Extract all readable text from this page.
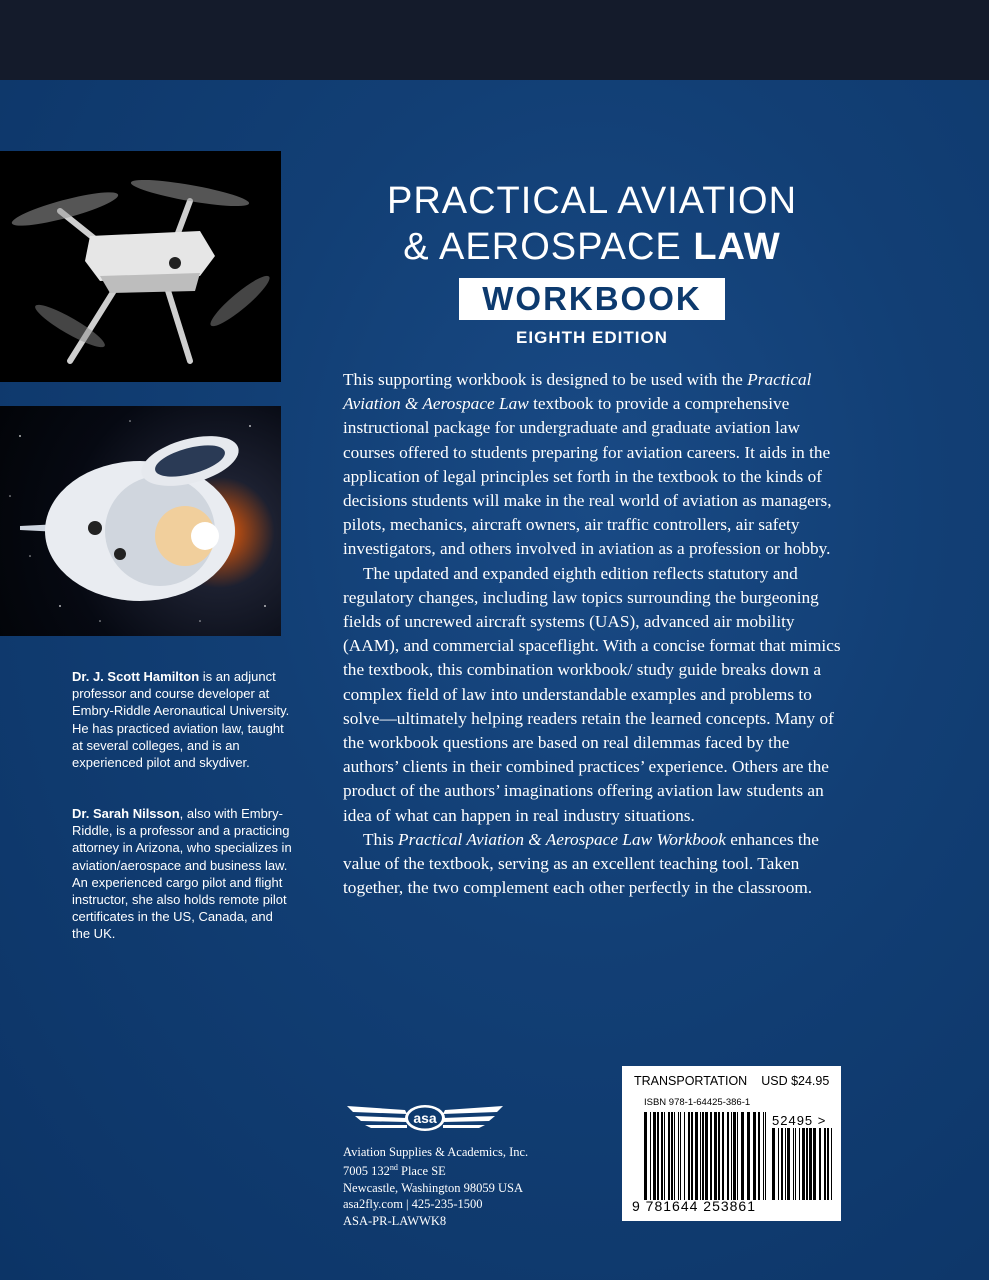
PRACTICAL AVIATION
& AEROSPACE LAW
WORKBOOK
EIGHTH EDITION

This supporting workbook is designed to be used with the Practical Aviation & Aerospace Law textbook to provide a comprehensive instructional package for undergraduate and graduate aviation law courses offered to students preparing for aviation careers. It aids in the application of legal principles set forth in the textbook to the kinds of decisions students will make in the real world of aviation as managers, pilots, mechanics, aircraft owners, air traffic controllers, air safety investigators, and others involved in aviation as a profession or hobby.

The updated and expanded eighth edition reflects statutory and regulatory changes, including law topics surrounding the burgeoning fields of uncrewed aircraft systems (UAS), advanced air mobility (AAM), and commercial spaceflight. With a concise format that mimics the textbook, this combination workbook/ study guide breaks down a complex field of law into understandable examples and problems to solve—ultimately helping readers retain the learned concepts. Many of the workbook questions are based on real dilemmas faced by the authors’ clients in their combined practices’ experience. Others are the product of the authors’ imaginations offering aviation law students an idea of what can happen in real industry situations.

This Practical Aviation & Aerospace Law Workbook enhances the value of the textbook, serving as an excellent teaching tool. Taken together, the two complement each other perfectly in the classroom.

Dr. J. Scott Hamilton is an adjunct professor and course developer at Embry-Riddle Aeronautical University. He has practiced aviation law, taught at several colleges, and is an experienced pilot and skydiver.
Dr. Sarah Nilsson, also with Embry-Riddle, is a professor and a practicing attorney in Arizona, who specializes in aviation/aerospace and business law. An experienced cargo pilot and flight instructor, she also holds remote pilot certificates in the US, Canada, and the UK.
asa
Aviation Supplies & Academics, Inc.
7005 132nd Place SE
Newcastle, Washington 98059 USA
asa2fly.com | 425-235-1500
ASA-PR-LAWWK8
TRANSPORTATION USD $24.95
ISBN 978-1-64425-386-1
52495 >
9 781644 253861
